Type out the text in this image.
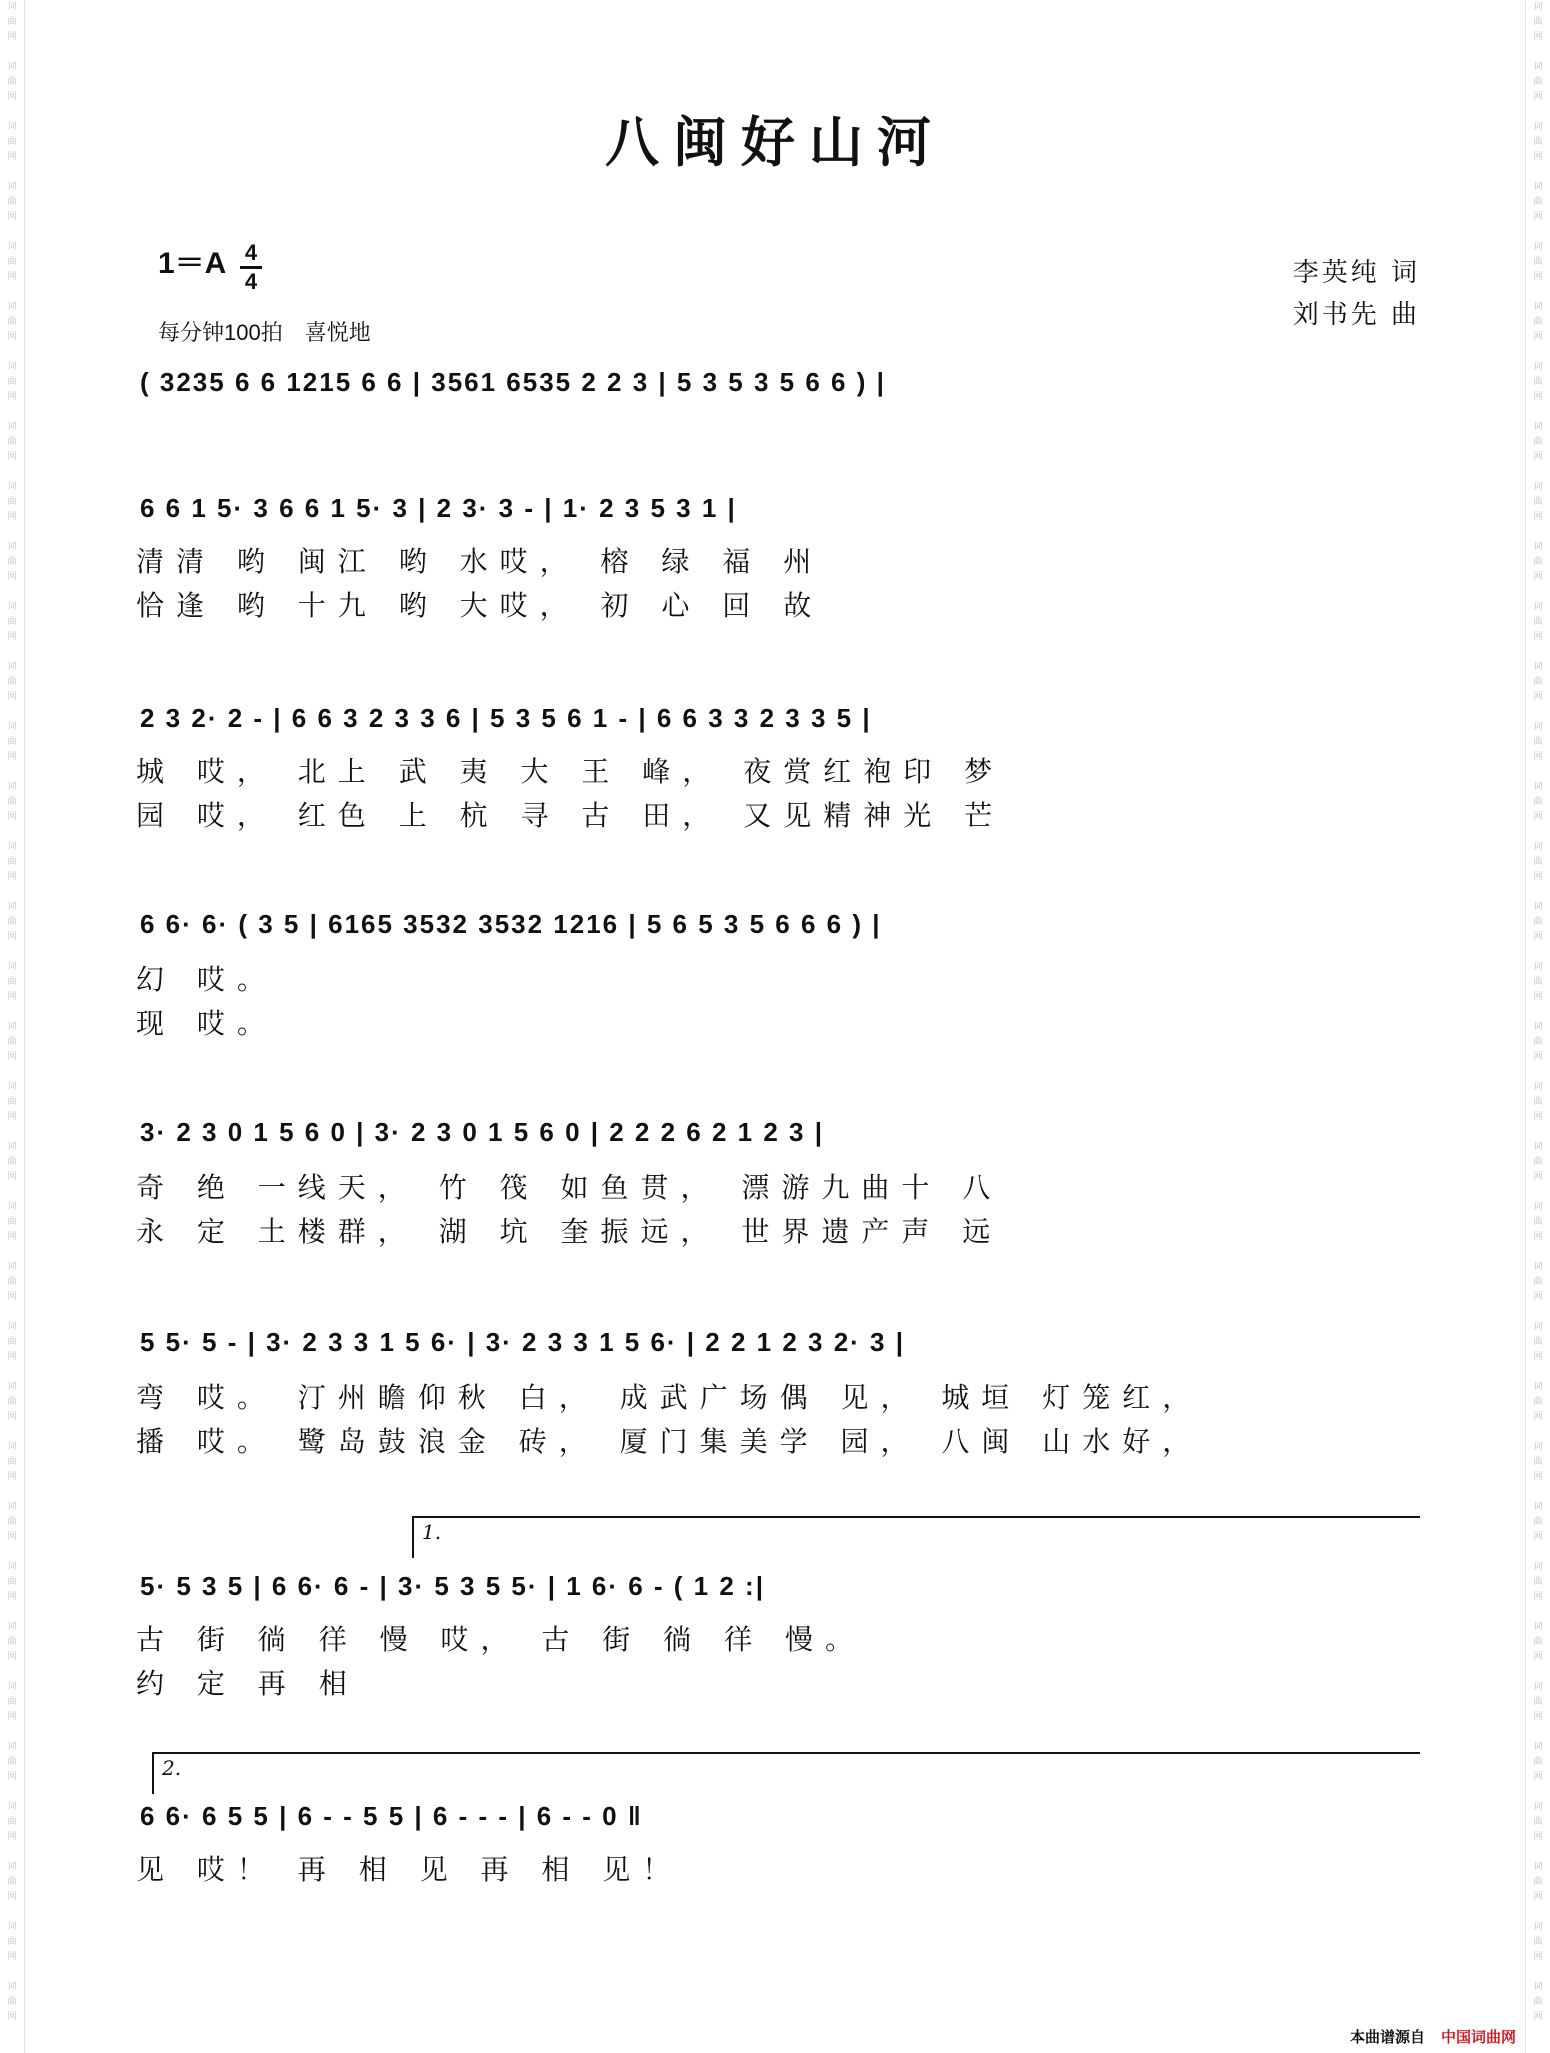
词
曲
网
词
曲
网
词
曲
网
词
曲
网
词
曲
网
词
曲
网
词
曲
网
词
曲
网
词
曲
网
词
曲
网
词
曲
网
词
曲
网
词
曲
网
词
曲
网
词
曲
网
词
曲
网
词
曲
网
词
曲
网
词
曲
网
词
曲
网
词
曲
网
词
曲
网
词
曲
网
词
曲
网
词
曲
网
词
曲
网
词
曲
网
词
曲
网
词
曲
网
词
曲
网
词
曲
网
词
曲
网
词
曲
网
词
曲
网
词
曲
网
词
曲
网
词
曲
网
词
曲
网
词
曲
网
词
曲
网
词
曲
网
词
曲
网
词
曲
网
词
曲
网
词
曲
网
词
曲
网
词
曲
网
词
曲
网
词
曲
网
词
曲
网
词
曲
网
词
曲
网
词
曲
网
词
曲
网
词
曲
网
词
曲
网
词
曲
网
词
曲
网
词
曲
网
词
曲
网
词
曲
网
词
曲
网
词
曲
网
词
曲
网
词
曲
网
词
曲
网
词
曲
网
词
曲
网
八闽好山河
1＝A 4
4
每分钟100拍　喜悦地
李英纯 词
刘书先 曲
( 3235 6 6 1215 6 6 | 3561 6535 2 2 3 | 5 3 5 3 5 6 6 ) |
6 6 1 5· 3 6 6 1 5· 3 | 2 3· 3 - | 1· 2 3 5 3 1 |
清清 哟 闽江 哟 水哎， 榕 绿 福 州
恰逢 哟 十九 哟 大哎， 初 心 回 故
2 3 2· 2 - | 6 6 3 2 3 3 6 | 5 3 5 6 1 - | 6 6 3 3 2 3 3 5 |
城 哎， 北上 武 夷 大 王 峰， 夜赏红袍印 梦
园 哎， 红色 上 杭 寻 古 田， 又见精神光 芒
6 6· 6· ( 3 5 | 6165 3532 3532 1216 | 5 6 5 3 5 6 6 6 ) |
幻 哎。
现 哎。
3· 2 3 0 1 5 6 0 | 3· 2 3 0 1 5 6 0 | 2 2 2 6 2 1 2 3 |
奇 绝 一线天， 竹 筏 如鱼贯， 漂游九曲十 八
永 定 土楼群， 湖 坑 奎振远， 世界遗产声 远
5 5· 5 - | 3· 2 3 3 1 5 6· | 3· 2 3 3 1 5 6· | 2 2 1 2 3 2· 3 |
弯 哎。 汀州瞻仰秋 白， 成武广场偶 见， 城垣 灯笼红，
播 哎。 鹭岛鼓浪金 砖， 厦门集美学 园， 八闽 山水好，
1.
5· 5 3 5 | 6 6· 6 - | 3· 5 3 5 5· | 1 6· 6 - ( 1 2 :|
古 街 徜 徉 慢 哎， 古 街 徜 徉 慢。
约 定 再 相
2.
6 6· 6 5 5 | 6 - - 5 5 | 6 - - - | 6 - - 0 ‖
见 哎！ 再 相 见 再 相 见！
本曲谱源自 中国词曲网
